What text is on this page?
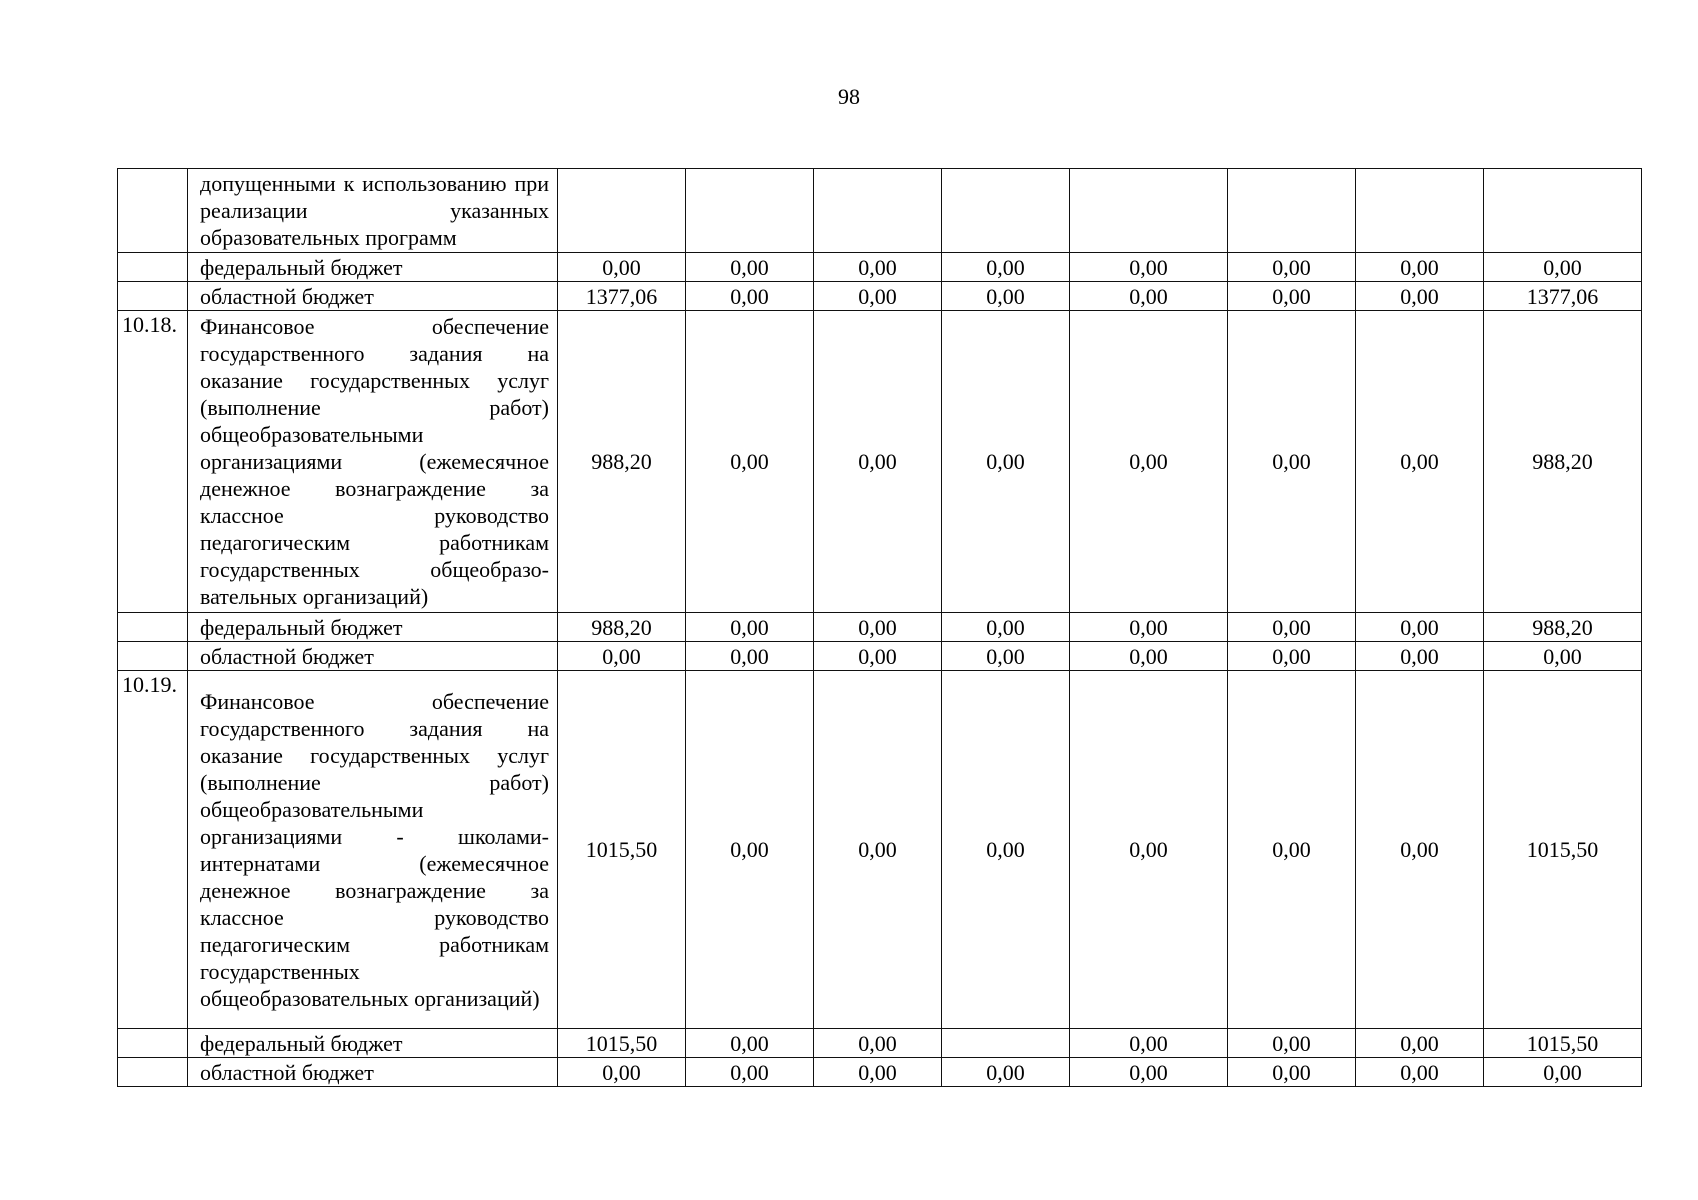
98
	допущенными к использованию при реализации указанных образовательных программ								
	федеральный бюджет	0,00	0,00	0,00	0,00	0,00	0,00	0,00	0,00
	областной бюджет	1377,06	0,00	0,00	0,00	0,00	0,00	0,00	1377,06
10.18.	Финансовое обеспечение государственного задания на оказание государственных услуг (выполнение работ) общеобразовательными организациями (ежемесячное денежное вознаграждение за классное руководство педагогическим работникам государственных общеобразо-вательных организаций)	988,20	0,00	0,00	0,00	0,00	0,00	0,00	988,20
	федеральный бюджет	988,20	0,00	0,00	0,00	0,00	0,00	0,00	988,20
	областной бюджет	0,00	0,00	0,00	0,00	0,00	0,00	0,00	0,00
10.19.	Финансовое обеспечение государственного задания на оказание государственных услуг (выполнение работ) общеобразовательными организациями - школами-интернатами (ежемесячное денежное вознаграждение за классное руководство педагогическим работникам государственных общеобразовательных организаций)	1015,50	0,00	0,00	0,00	0,00	0,00	0,00	1015,50
	федеральный бюджет	1015,50	0,00	0,00		0,00	0,00	0,00	1015,50
	областной бюджет	0,00	0,00	0,00	0,00	0,00	0,00	0,00	0,00
